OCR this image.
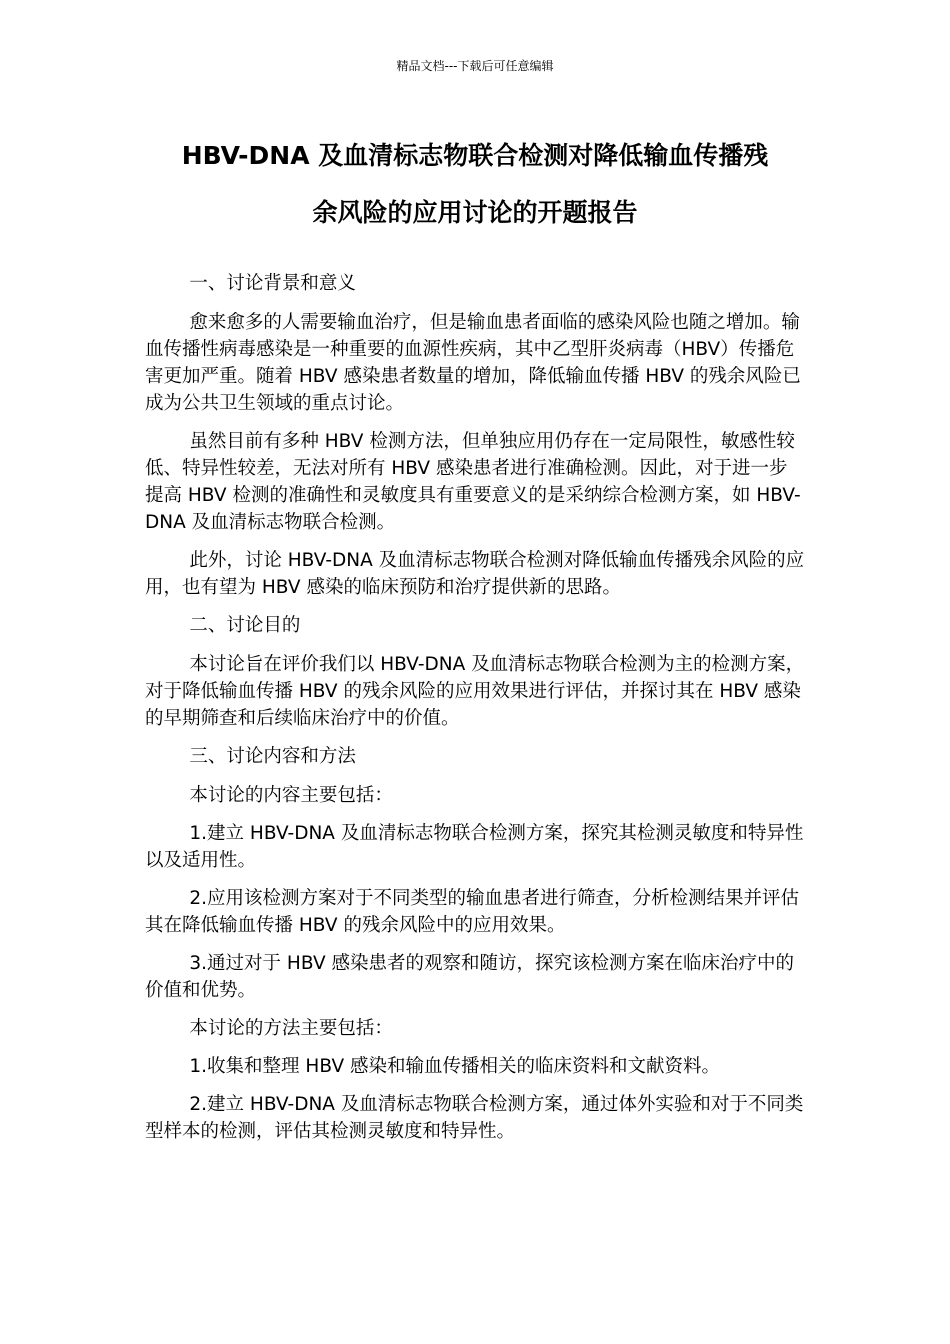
精品文档---下载后可任意编辑
HBV-DNA 及血清标志物联合检测对降低输血传播残
余风险的应用讨论的开题报告

一、讨论背景和意义

愈来愈多的人需要输血治疗，但是输血患者面临的感染风险也随之增加。输血传播性病毒感染是一种重要的血源性疾病，其中乙型肝炎病毒（HBV）传播危害更加严重。随着 HBV 感染患者数量的增加，降低输血传播 HBV 的残余风险已成为公共卫生领域的重点讨论。

虽然目前有多种 HBV 检测方法，但单独应用仍存在一定局限性，敏感性较低、特异性较差，无法对所有 HBV 感染患者进行准确检测。因此，对于进一步提高 HBV 检测的准确性和灵敏度具有重要意义的是采纳综合检测方案，如 HBV-DNA 及血清标志物联合检测。

此外，讨论 HBV-DNA 及血清标志物联合检测对降低输血传播残余风险的应用，也有望为 HBV 感染的临床预防和治疗提供新的思路。

二、讨论目的

本讨论旨在评价我们以 HBV-DNA 及血清标志物联合检测为主的检测方案，对于降低输血传播 HBV 的残余风险的应用效果进行评估，并探讨其在 HBV 感染的早期筛查和后续临床治疗中的价值。

三、讨论内容和方法

本讨论的内容主要包括：

1.建立 HBV-DNA 及血清标志物联合检测方案，探究其检测灵敏度和特异性以及适用性。

2.应用该检测方案对于不同类型的输血患者进行筛查，分析检测结果并评估其在降低输血传播 HBV 的残余风险中的应用效果。

3.通过对于 HBV 感染患者的观察和随访，探究该检测方案在临床治疗中的价值和优势。

本讨论的方法主要包括：

1.收集和整理 HBV 感染和输血传播相关的临床资料和文献资料。

2.建立 HBV-DNA 及血清标志物联合检测方案，通过体外实验和对于不同类型样本的检测，评估其检测灵敏度和特异性。
